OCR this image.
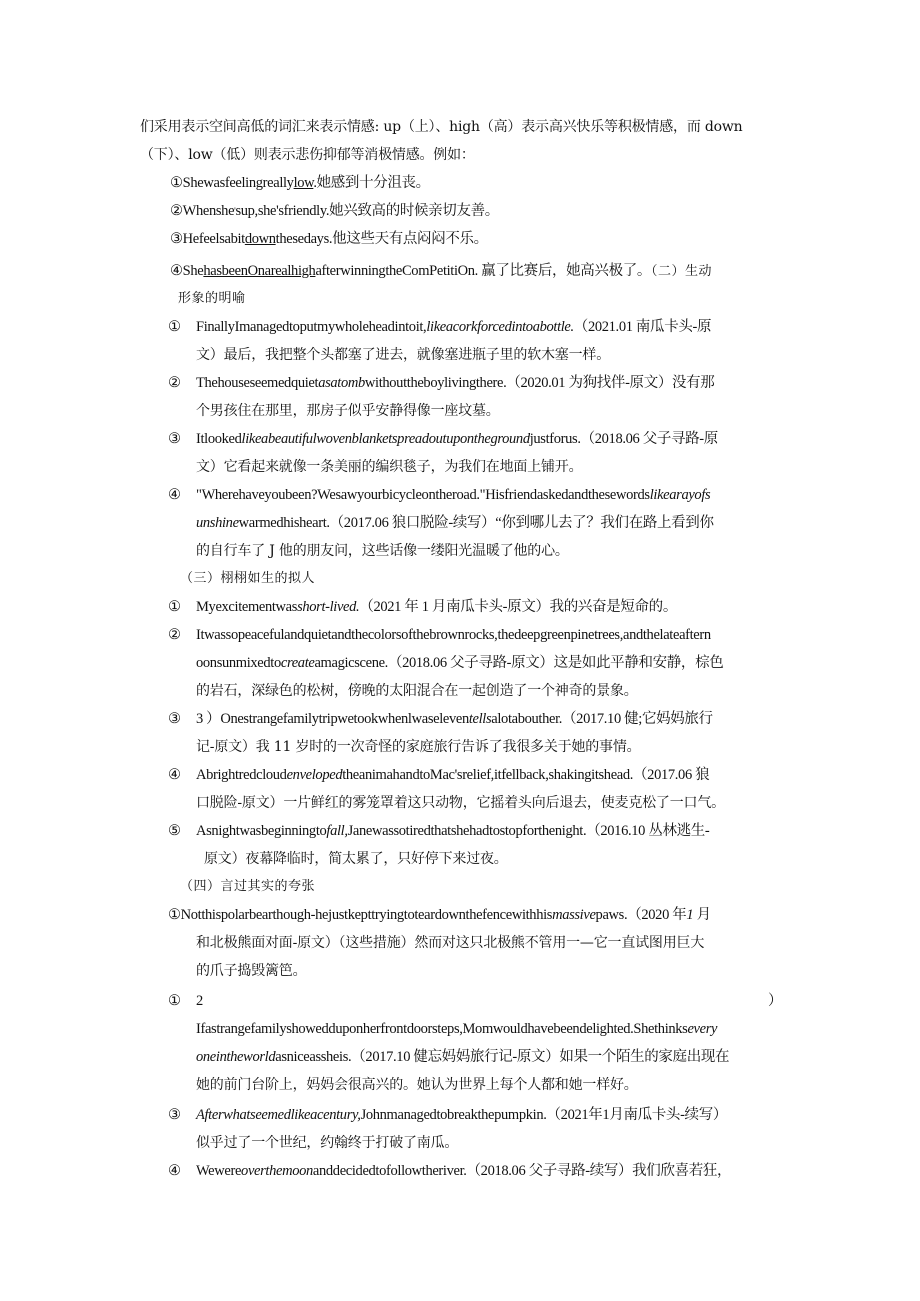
们采用表示空间高低的词汇来表示情感: up（上）、high（高）表示高兴快乐等积极情感，而 down
（下）、low（低）则表示悲伤抑郁等消极情感。例如：
①Shewasfeelingreallylow.她感到十分沮丧。
②Whenshe'sup,she'sfriendly.她兴致高的时候亲切友善。
③Hefeelsabitdownthesedays.他这些天有点闷闷不乐。
④ShehasbeenOnarealhighafterwinningtheComPetitiOn. 赢了比赛后，她高兴极了。（二）生动
形象的明喻
① FinallyImanagedtoputmywholeheadintoit,likeacorkforcedintoabottle.（2021.01 南瓜卡头-原
文）最后，我把整个头都塞了进去，就像塞进瓶子里的软木塞一样。
② Thehouseseemedquietasatombwithouttheboylivingthere.（2020.01 为狗找伴-原文）没有那
个男孩住在那里，那房子似乎安静得像一座坟墓。
③ Itlookedlikeabeautifulwovenblanketspreadoutuponthegroundjustforus.（2018.06 父子寻路-原
文）它看起来就像一条美丽的编织毯子，为我们在地面上铺开。
④ "Wherehaveyoubeen?Wesawyourbicycleontheroad."Hisfriendaskedandthesewordslikearayofs
unshinewarmedhisheart.（2017.06 狼口脱险-续写）“你到哪儿去了？我们在路上看到你
的自行车了 J 他的朋友问，这些话像一缕阳光温暖了他的心。
（三）栩栩如生的拟人
① Myexcitementwasshort-lived.（2021 年 1 月南瓜卡头-原文）我的兴奋是短命的。
② Itwassopeacefulandquietandthecolorsofthebrownrocks,thedeepgreenpinetrees,andthelateaftern
oonsunmixedtocreateamagicscene.（2018.06 父子寻路-原文）这是如此平静和安静，棕色
的岩石，深绿色的松树，傍晚的太阳混合在一起创造了一个神奇的景象。
③ 3 ）Onestrangefamilytripwetookwhenlwaseleventellsalotabouther.（2017.10 健;它妈妈旅行
记-原文）我 11 岁时的一次奇怪的家庭旅行告诉了我很多关于她的事情。
④ AbrightredcloudenvelopedtheanimahandtoMac'srelief,itfellback,shakingitshead.（2017.06 狼
口脱险-原文）一片鲜红的雾笼罩着这只动物，它摇着头向后退去，使麦克松了一口气。
⑤ Asnightwasbeginningtofall,Janewassotiredthatshehadtostopforthenight.（2016.10 丛林逃生-
原文）夜幕降临时，简太累了，只好停下来过夜。
（四）言过其实的夸张
①Notthispolarbearthough-hejustkepttryingtoteardownthefencewithhismassivepaws.（2020 年1 月
和北极熊面对面-原文）（这些措施）然而对这只北极熊不管用一—它一直试图用巨大
的爪子捣毁篱笆。
① 2	）
Ifastrangefamilyshowedduponherfrontdoorsteps,Momwouldhavebeendelighted.Shethinksevery
oneintheworldasniceassheis.（2017.10 健忘妈妈旅行记-原文）如果一个陌生的家庭出现在
她的前门台阶上，妈妈会很高兴的。她认为世界上每个人都和她一样好。
③ Afterwhatseemedlikeacentury,Johnmanagedtobreakthepumpkin.（2021年1月南瓜卡头-续写）
似乎过了一个世纪，约翰终于打破了南瓜。
④ Wewereoverthemoonanddecidedtofollowtheriver.（2018.06 父子寻路-续写）我们欣喜若狂，
